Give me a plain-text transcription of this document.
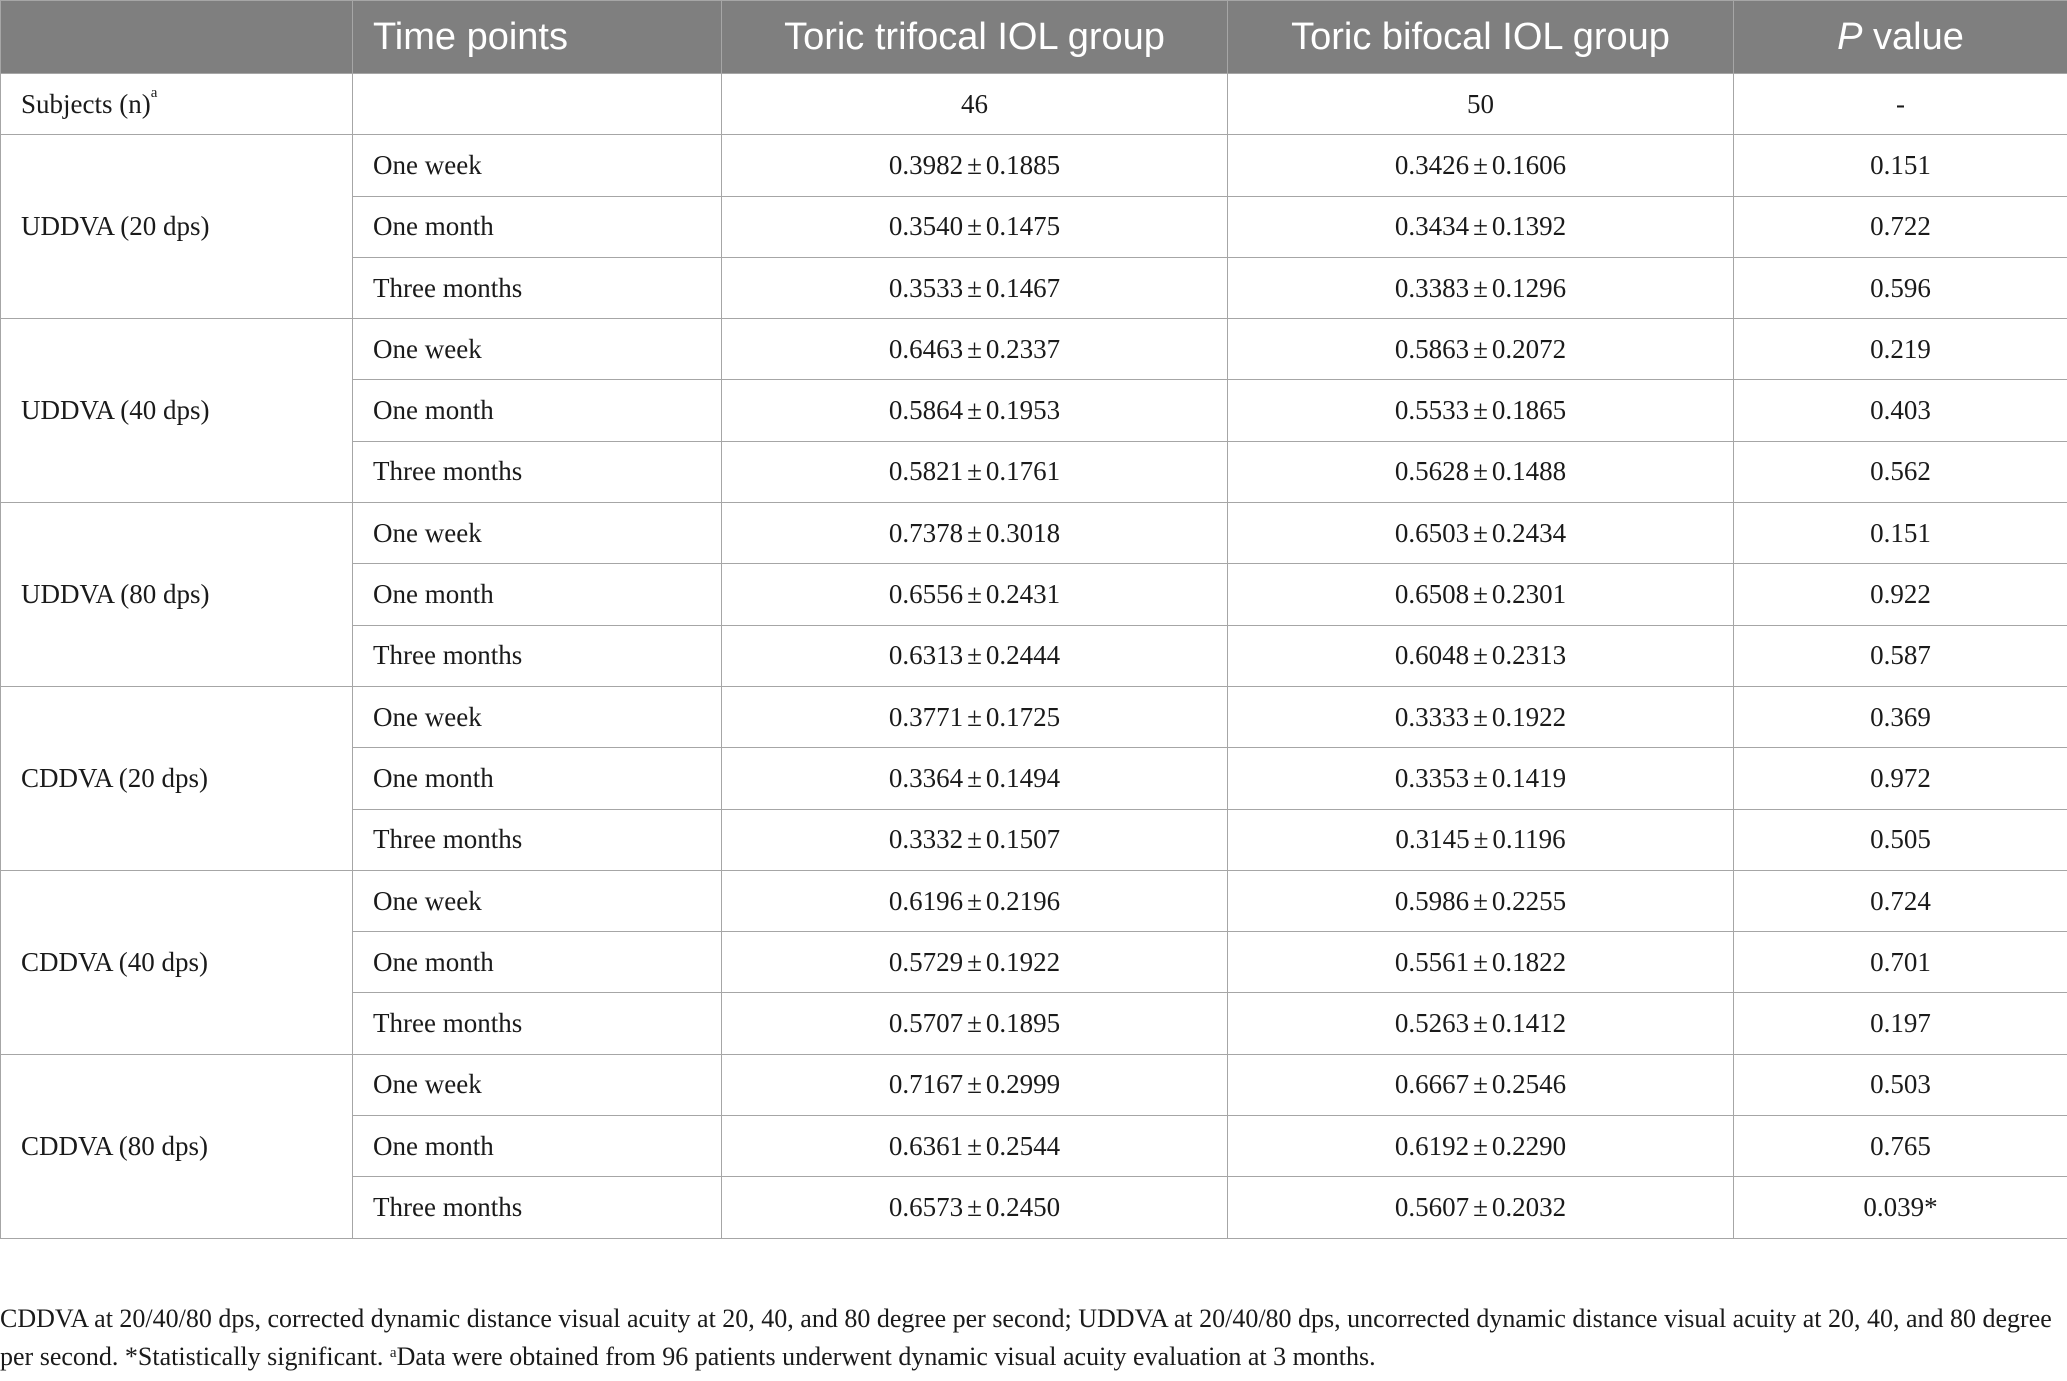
	Time points	Toric trifocal IOL group	Toric bifocal IOL group	P value
Subjects (n)$^a$		46	50	-
UDDVA (20 dps)	One week	0.3982 ± 0.1885	0.3426 ± 0.1606	0.151
	One month	0.3540 ± 0.1475	0.3434 ± 0.1392	0.722
	Three months	0.3533 ± 0.1467	0.3383 ± 0.1296	0.596
UDDVA (40 dps)	One week	0.6463 ± 0.2337	0.5863 ± 0.2072	0.219
	One month	0.5864 ± 0.1953	0.5533 ± 0.1865	0.403
	Three months	0.5821 ± 0.1761	0.5628 ± 0.1488	0.562
UDDVA (80 dps)	One week	0.7378 ± 0.3018	0.6503 ± 0.2434	0.151
	One month	0.6556 ± 0.2431	0.6508 ± 0.2301	0.922
	Three months	0.6313 ± 0.2444	0.6048 ± 0.2313	0.587
CDDVA (20 dps)	One week	0.3771 ± 0.1725	0.3333 ± 0.1922	0.369
	One month	0.3364 ± 0.1494	0.3353 ± 0.1419	0.972
	Three months	0.3332 ± 0.1507	0.3145 ± 0.1196	0.505
CDDVA (40 dps)	One week	0.6196 ± 0.2196	0.5986 ± 0.2255	0.724
	One month	0.5729 ± 0.1922	0.5561 ± 0.1822	0.701
	Three months	0.5707 ± 0.1895	0.5263 ± 0.1412	0.197
CDDVA (80 dps)	One week	0.7167 ± 0.2999	0.6667 ± 0.2546	0.503
	One month	0.6361 ± 0.2544	0.6192 ± 0.2290	0.765
	Three months	0.6573 ± 0.2450	0.5607 ± 0.2032	0.039*
CDDVA at 20/40/80 dps, corrected dynamic distance visual acuity at 20, 40, and 80 degree per second; UDDVA at 20/40/80 dps, uncorrected dynamic distance visual acuity at 20, 40, and 80 degree per second. *Statistically significant. $^a$Data were obtained from 96 patients underwent dynamic visual acuity evaluation at 3 months.
